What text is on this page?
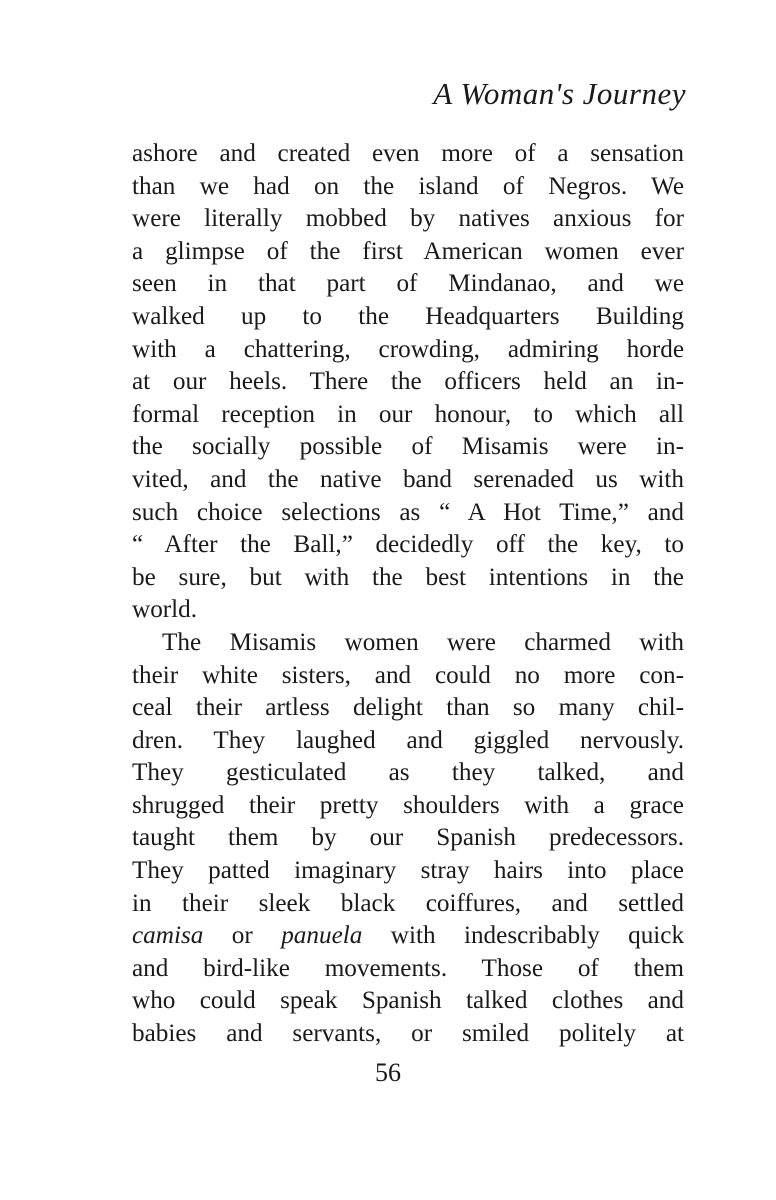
A Woman's Journey

ashore and created even more of a sensation
than we had on the island of Negros. We
were literally mobbed by natives anxious for
a glimpse of the first American women ever
seen in that part of Mindanao, and we
walked up to the Headquarters Building
with a chattering, crowding, admiring horde
at our heels. There the officers held an in-
formal reception in our honour, to which all
the socially possible of Misamis were in-
vited, and the native band serenaded us with
such choice selections as “ A Hot Time,” and
“ After the Ball,” decidedly off the key, to
be sure, but with the best intentions in the
world.

The Misamis women were charmed with
their white sisters, and could no more con-
ceal their artless delight than so many chil-
dren. They laughed and giggled nervously.
They gesticulated as they talked, and
shrugged their pretty shoulders with a grace
taught them by our Spanish predecessors.
They patted imaginary stray hairs into place
in their sleek black coiffures, and settled
camisa or panuela with indescribably quick
and bird-like movements. Those of them
who could speak Spanish talked clothes and
babies and servants, or smiled politely at

56
